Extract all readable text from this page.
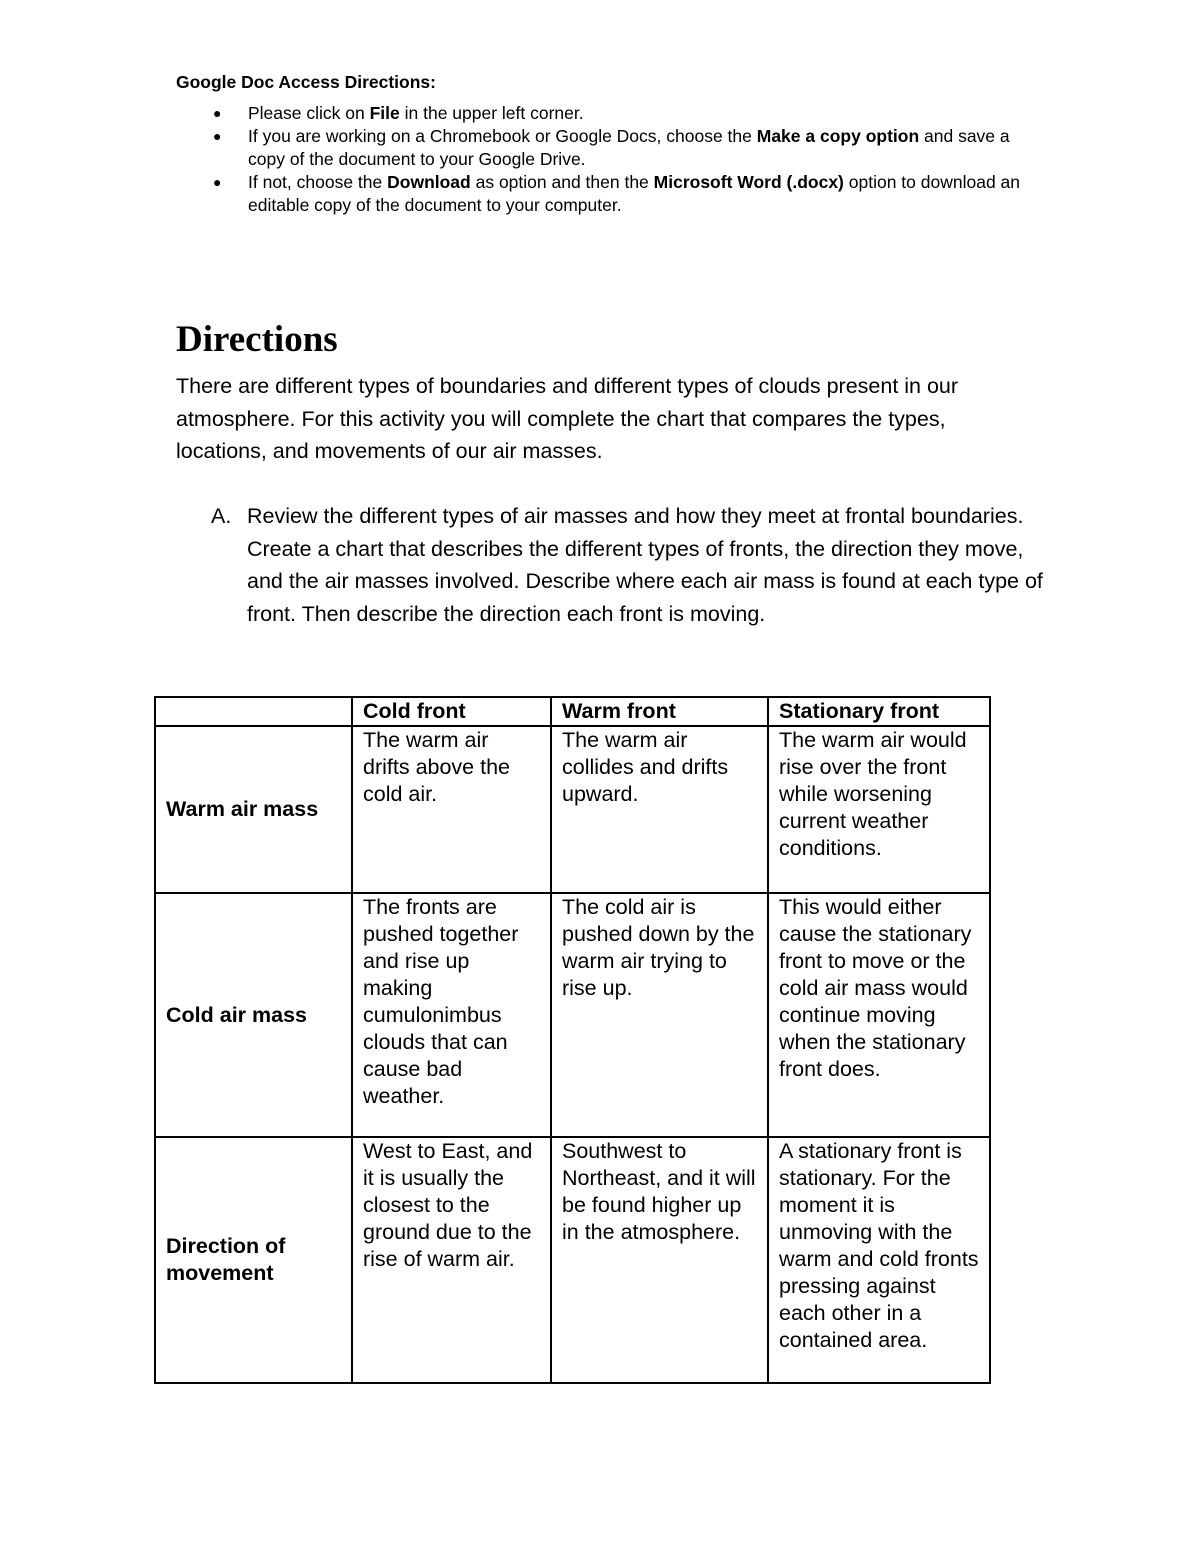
Google Doc Access Directions:
● Please click on File in the upper left corner.
● If you are working on a Chromebook or Google Docs, choose the Make a copy option and save a copy of the document to your Google Drive.
● If not, choose the Download as option and then the Microsoft Word (.docx) option to download an editable copy of the document to your computer.
Directions

There are different types of boundaries and different types of clouds present in our atmosphere. For this activity you will complete the chart that compares the types, locations, and movements of our air masses.

A. Review the different types of air masses and how they meet at frontal boundaries. Create a chart that describes the different types of fronts, the direction they move, and the air masses involved. Describe where each air mass is found at each type of front. Then describe the direction each front is moving.
	Cold front	Warm front	Stationary front
Warm air mass	The warm air drifts above the cold air.	The warm air collides and drifts upward.	The warm air would rise over the front while worsening current weather conditions.
Cold air mass	The fronts are pushed together and rise up making cumulonimbus clouds that can cause bad weather.	The cold air is pushed down by the warm air trying to rise up.	This would either cause the stationary front to move or the cold air mass would continue moving when the stationary front does.
Direction of movement	West to East, and it is usually the closest to the ground due to the rise of warm air.	Southwest to Northeast, and it will be found higher up in the atmosphere.	A stationary front is stationary. For the moment it is unmoving with the warm and cold fronts pressing against each other in a contained area.
